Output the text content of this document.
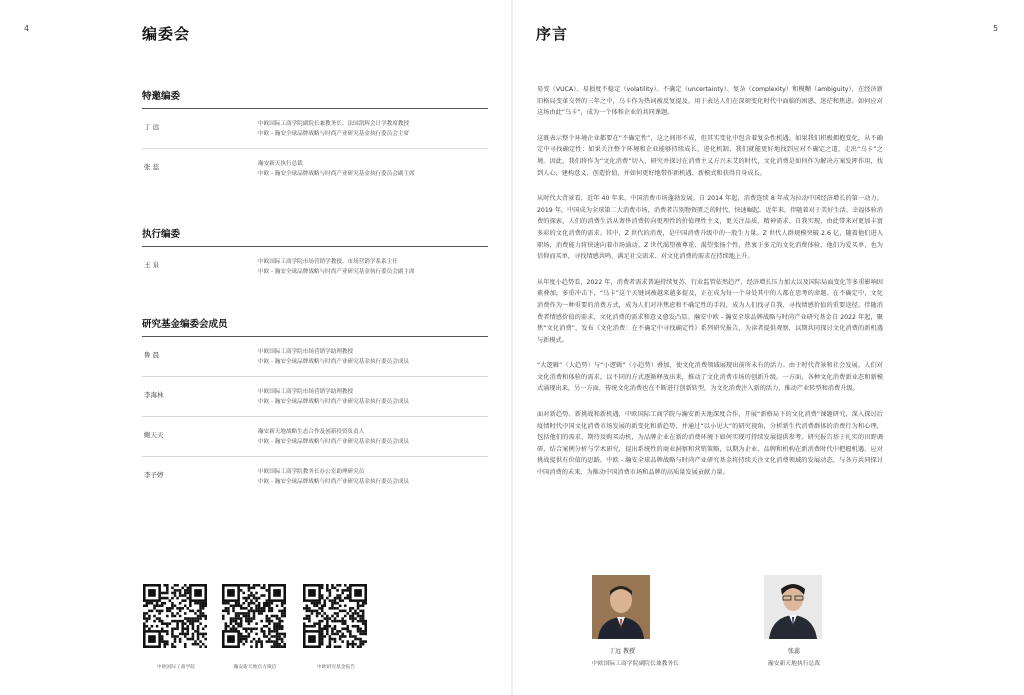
4	编委会
特邀编委
丁 远	中欧国际工商学院副院长兼教务长、法国凯辉会计学教席教授
中欧 - 瀚安全球品牌战略与时尚产业研究基金执行委员会主席
张 蕊	瀚安新天执行总裁
中欧 - 瀚安全球品牌战略与时尚产业研究基金执行委员会副主席
执行编委
王 泉	中欧国际工商学院市场营销学教授、市场营销学系系主任
中欧 - 瀚安全球品牌战略与时尚产业研究基金执行委员会副主席
研究基金编委会成员
鲁 晨	中欧国际工商学院市场营销学助理教授
中欧 - 瀚安全球品牌战略与时尚产业研究基金执行委员会成员
李海林	中欧国际工商学院市场营销学助理教授
中欧 - 瀚安全球品牌战略与时尚产业研究基金执行委员会成员
鲍天天	瀚安新天地战略生态合作及创新投资负责人
中欧 - 瀚安全球品牌战略与时尚产业研究基金执行委员会成员
李子婷	中欧国际工商学院教务长办公室助理研究员
中欧 - 瀚安全球品牌战略与时尚产业研究基金执行委员会成员
中欧国际工商学院	瀚安新天地官方微信	中欧研究基金报告
5
序言

易变（VUCA）、易损度不稳定（volatility）、不确定（uncertainty）、复杂（complexity）和模糊（ambiguity），在经济新旧格局变革交替的三年之中，乌卡作为热词被反复提及，用于表达人们在深刻变化时代中面临的困惑、迷茫和焦虑。如何应对这场由此“乌卡”，成为一个体和企业的共同课题。

这既表示整个环境企业都要在“不确定性”，这之间形不成，但其实变化中包含着复杂性机遇。如果我们积极拥抱变化，从不确定中寻找确定性；如果关注整个环境和企业能够持续成长，进化机制，我们就能更好地找到应对不确定之道，走出“乌卡”之境。因此，我们将作为“文化消费”切入，研究并探讨在消费主义方兴未艾的时代，文化消费是如何作为解决方案发挥作用，找到人心、建构意义、创造价值，并如何更好地带作新机遇、新模式和获得自身成长。

从时代大背景看，近年 40 年来，中国消费市场蓬勃发展。自 2014 年起，消费连续 8 年成为拉动中国经济增长的第一动力。2019 年，中国成为全球第二大消费市场，消费者告别物资匮乏的时代，快速崛起。近年来，伴随着对于美好生活、幸福体验消费的探索，人们的消费生活从奢侈消费转向更理性的价值理性主义，更关注品质、精神需求、自我实现，由此带来对更加丰富多彩的文化消费的需求。其中，Z 世代的消费，是中国消费升级中的一股生力量。Z 世代人群规模突破 2.6 亿，随着他们进入职场，消费能力将快速向着市场涌动。Z 世代渴望被尊重、渴望张扬个性，热衷于多元的文化消费体验，他们为爱买单，也为信仰而买单，寻找情感共鸣、满足社交需求、对文化消费的需求在持续地上升。

从年度小趋势看，2022 年，消费者需求普遍持续复苏，行业监管依然趋严，经济增长压力加大以及国际局面变化等多重影响因素叠加，多重冲击下，“乌卡”这个关键词被越来越多提及，正在成为每一个身处其中的人都在思考的命题。在不确定中，文化消费作为一种重要的消费方式，成为人们对冲焦虑和不确定性的手段，成为人们找寻自我、寻找情感价值的重要途径。伴随消费者情感价值的需求，文化消费的需求和意义愈发凸显。瀚安中欧 - 瀚安全球品牌战略与时尚产业研究基金自 2022 年起，聚焦“文化消费”，发布《文化消费：在不确定中寻找确定性》系列研究报告，为读者提供观察，以期共同探讨文化消费的新机遇与新模式。

“大逻辑”（大趋势）与“小逻辑”（小趋势）叠加，使文化消费领域展现出前所未有的活力。由于时代背景和社会发展，人们对文化消费和体验的需求，以不同的方式逐渐释放出来，推动了文化消费市场的创新升级。一方面，各种文化消费新业态和新模式涌现出来，另一方面，传统文化消费也在不断进行创新转型，为文化消费注入新的活力，推动产业转型和消费升级。

面对新趋势、新挑战和新机遇，中欧国际工商学院与瀚安新天地深度合作，开展“新格局下的文化消费”课题研究，深入探讨后疫情时代中国文化消费市场发展的新变化和新趋势，并通过“以小见大”的研究视角，分析新生代消费群体的消费行为和心理，包括他们的需求、期待及购买动机，为品牌企业在新的消费环境下如何实现可持续发展提供参考。研究报告基于扎实的田野调研，结合案例分析与学术研究，提出系统性的商业洞察和营销策略，以期为企业、品牌和机构在新消费时代中把握机遇、应对挑战提供有价值的思路。中欧 - 瀚安全球品牌战略与时尚产业研究基金将持续关注文化消费领域的发展动态，与各方共同探讨中国消费的未来，为推动中国消费市场和品牌的高质量发展贡献力量。

丁远 教授
中欧国际工商学院副院长兼教务长
张蕊
瀚安新天地执行总裁
